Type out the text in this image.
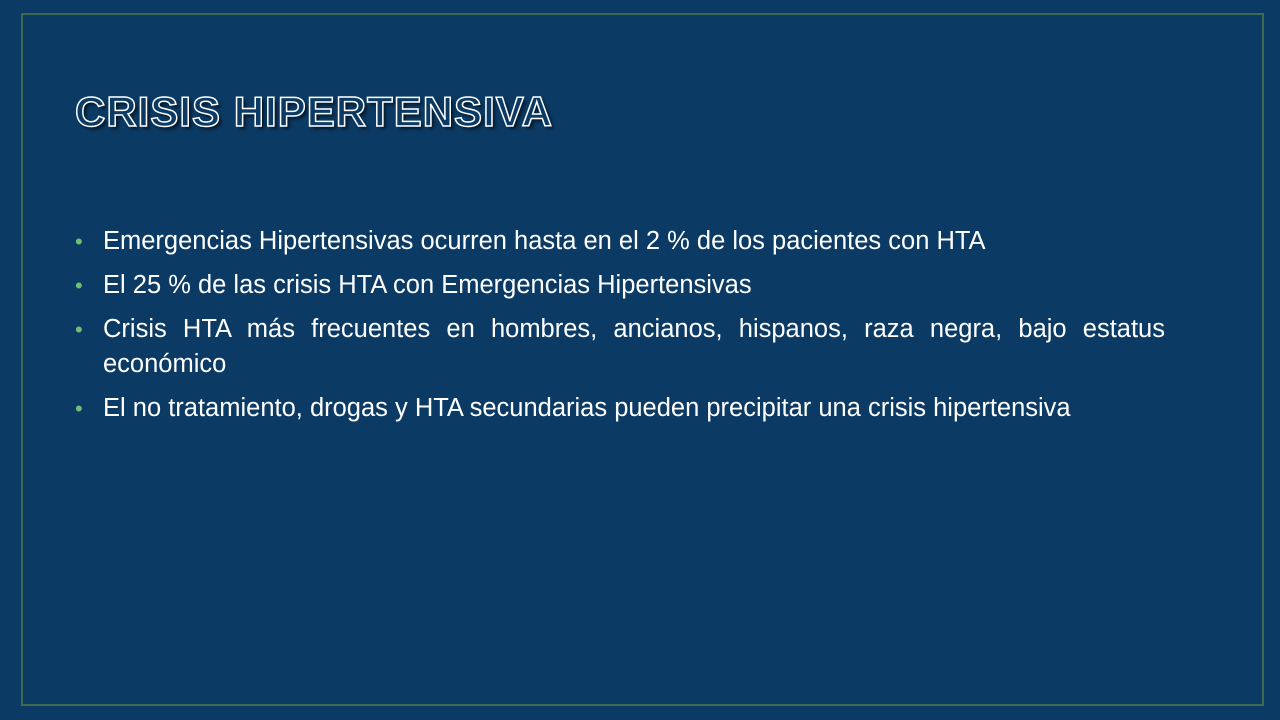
CRISIS HIPERTENSIVA
• Emergencias Hipertensivas ocurren hasta en el 2 % de los pacientes con HTA
• El 25 % de las crisis HTA con Emergencias Hipertensivas
• Crisis HTA más frecuentes en hombres, ancianos, hispanos, raza negra, bajo estatus económico
• El no tratamiento, drogas y HTA secundarias pueden precipitar una crisis hipertensiva
